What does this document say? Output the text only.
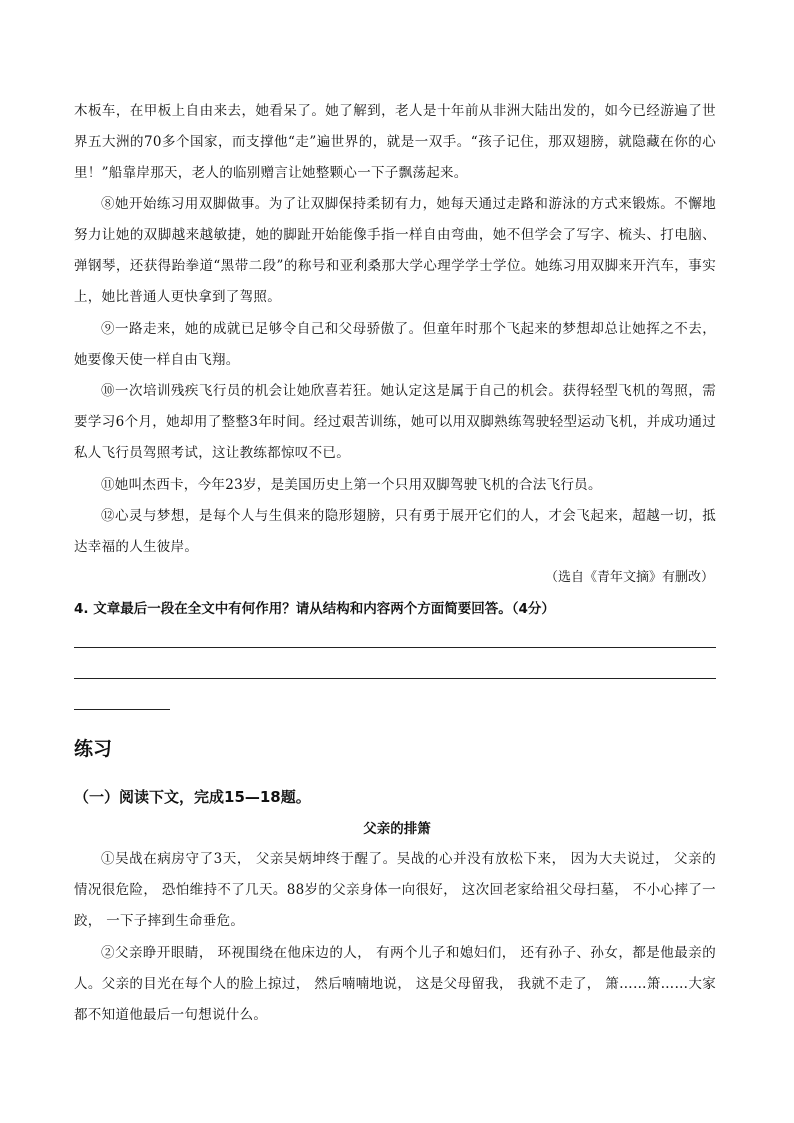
木板车，在甲板上自由来去，她看呆了。她了解到，老人是十年前从非洲大陆出发的，如今已经游遍了世界五大洲的70多个国家，而支撑他“走”遍世界的，就是一双手。“孩子记住，那双翅膀，就隐藏在你的心里！”船靠岸那天，老人的临别赠言让她整颗心一下子飘荡起来。

⑧她开始练习用双脚做事。为了让双脚保持柔韧有力，她每天通过走路和游泳的方式来锻炼。不懈地努力让她的双脚越来越敏捷，她的脚趾开始能像手指一样自由弯曲，她不但学会了写字、梳头、打电脑、弹钢琴，还获得跆拳道“黑带二段”的称号和亚利桑那大学心理学学士学位。她练习用双脚来开汽车，事实上，她比普通人更快拿到了驾照。

⑨一路走来，她的成就已足够令自己和父母骄傲了。但童年时那个飞起来的梦想却总让她挥之不去，她要像天使一样自由飞翔。

⑩一次培训残疾飞行员的机会让她欣喜若狂。她认定这是属于自己的机会。获得轻型飞机的驾照，需要学习6个月，她却用了整整3年时间。经过艰苦训练，她可以用双脚熟练驾驶轻型运动飞机，并成功通过私人飞行员驾照考试，这让教练都惊叹不已。

⑪她叫杰西卡，今年23岁，是美国历史上第一个只用双脚驾驶飞机的合法飞行员。

⑫心灵与梦想，是每个人与生俱来的隐形翅膀，只有勇于展开它们的人，才会飞起来，超越一切，抵达幸福的人生彼岸。

（选自《青年文摘》有删改）

4. 文章最后一段在全文中有何作用？请从结构和内容两个方面简要回答。（4分）

练习

（一）阅读下文，完成15—18题。

父亲的排箫

①吴战在病房守了3天， 父亲吴炳坤终于醒了。吴战的心并没有放松下来， 因为大夫说过， 父亲的情况很危险， 恐怕维持不了几天。88岁的父亲身体一向很好， 这次回老家给祖父母扫墓， 不小心摔了一跤， 一下子摔到生命垂危。

②父亲睁开眼睛， 环视围绕在他床边的人， 有两个儿子和媳妇们， 还有孙子、孙女，都是他最亲的人。父亲的目光在每个人的脸上掠过， 然后喃喃地说， 这是父母留我， 我就不走了， 箫……箫……大家都不知道他最后一句想说什么。
